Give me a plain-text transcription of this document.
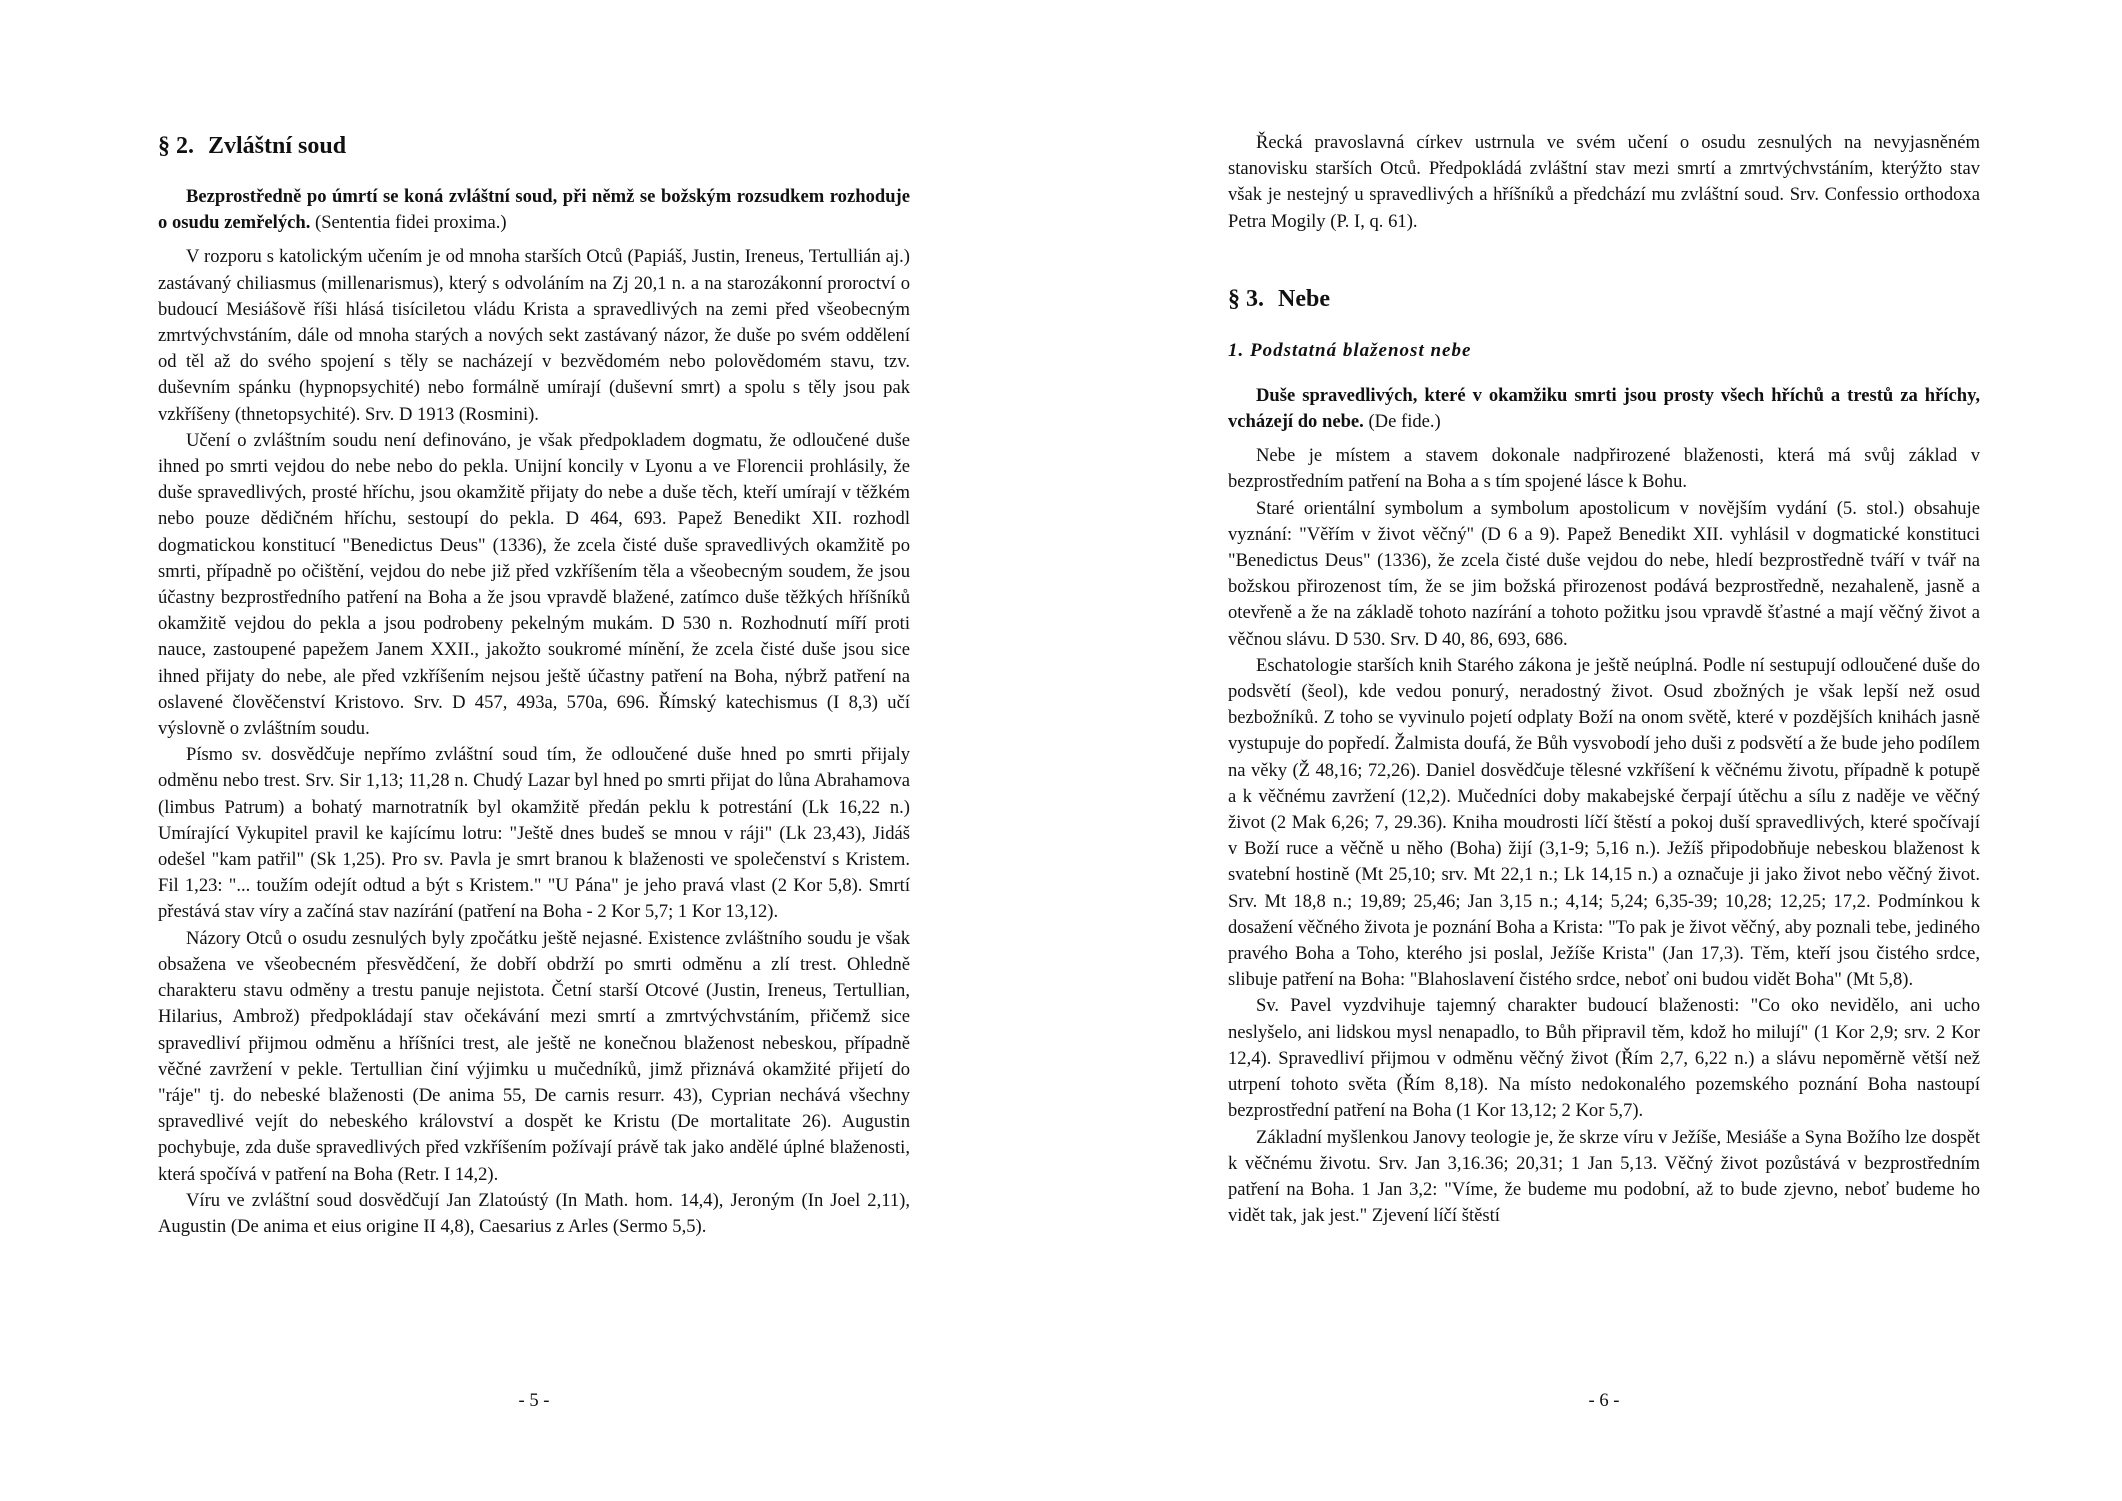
§ 2. Zvláštní soud

Bezprostředně po úmrtí se koná zvláštní soud, při němž se božským rozsudkem rozhoduje o osudu zemřelých. (Sententia fidei proxima.)

V rozporu s katolickým učením je od mnoha starších Otců (Papiáš, Justin, Ireneus, Tertullián aj.) zastávaný chiliasmus (millenarismus), který s odvoláním na Zj 20,1 n. a na starozákonní proroctví o budoucí Mesiášově říši hlásá tisíciletou vládu Krista a spravedlivých na zemi před všeobecným zmrtvýchvstáním, dále od mnoha starých a nových sekt zastávaný názor, že duše po svém oddělení od těl až do svého spojení s těly se nacházejí v bezvědomém nebo polovědomém stavu, tzv. duševním spánku (hypnopsychité) nebo formálně umírají (duševní smrt) a spolu s těly jsou pak vzkříšeny (thnetopsychité). Srv. D 1913 (Rosmini).

Učení o zvláštním soudu není definováno, je však předpokladem dogmatu, že odloučené duše ihned po smrti vejdou do nebe nebo do pekla. Unijní koncily v Lyonu a ve Florencii prohlásily, že duše spravedlivých, prosté hříchu, jsou okamžitě přijaty do nebe a duše těch, kteří umírají v těžkém nebo pouze dědičném hříchu, sestoupí do pekla. D 464, 693. Papež Benedikt XII. rozhodl dogmatickou konstitucí "Benedictus Deus" (1336), že zcela čisté duše spravedlivých okamžitě po smrti, případně po očištění, vejdou do nebe již před vzkříšením těla a všeobecným soudem, že jsou účastny bezprostředního patření na Boha a že jsou vpravdě blažené, zatímco duše těžkých hříšníků okamžitě vejdou do pekla a jsou podrobeny pekelným mukám. D 530 n. Rozhodnutí míří proti nauce, zastoupené papežem Janem XXII., jakožto soukromé mínění, že zcela čisté duše jsou sice ihned přijaty do nebe, ale před vzkříšením nejsou ještě účastny patření na Boha, nýbrž patření na oslavené člověčenství Kristovo. Srv. D 457, 493a, 570a, 696. Římský katechismus (I 8,3) učí výslovně o zvláštním soudu.

Písmo sv. dosvědčuje nepřímo zvláštní soud tím, že odloučené duše hned po smrti přijaly odměnu nebo trest. Srv. Sir 1,13; 11,28 n. Chudý Lazar byl hned po smrti přijat do lůna Abrahamova (limbus Patrum) a bohatý marnotratník byl okamžitě předán peklu k potrestání (Lk 16,22 n.) Umírající Vykupitel pravil ke kajícímu lotru: "Ještě dnes budeš se mnou v ráji" (Lk 23,43), Jidáš odešel "kam patřil" (Sk 1,25). Pro sv. Pavla je smrt branou k blaženosti ve společenství s Kristem. Fil 1,23: "... toužím odejít odtud a být s Kristem." "U Pána" je jeho pravá vlast (2 Kor 5,8). Smrtí přestává stav víry a začíná stav nazírání (patření na Boha - 2 Kor 5,7; 1 Kor 13,12).

Názory Otců o osudu zesnulých byly zpočátku ještě nejasné. Existence zvláštního soudu je však obsažena ve všeobecném přesvědčení, že dobří obdrží po smrti odměnu a zlí trest. Ohledně charakteru stavu odměny a trestu panuje nejistota. Četní starší Otcové (Justin, Ireneus, Tertullian, Hilarius, Ambrož) předpokládají stav očekávání mezi smrtí a zmrtvýchvstáním, přičemž sice spravedliví přijmou odměnu a hříšníci trest, ale ještě ne konečnou blaženost nebeskou, případně věčné zavržení v pekle. Tertullian činí výjimku u mučedníků, jimž přiznává okamžité přijetí do "ráje" tj. do nebeské blaženosti (De anima 55, De carnis resurr. 43), Cyprian nechává všechny spravedlivé vejít do nebeského království a dospět ke Kristu (De mortalitate 26). Augustin pochybuje, zda duše spravedlivých před vzkříšením požívají právě tak jako andělé úplné blaženosti, která spočívá v patření na Boha (Retr. I 14,2).

Víru ve zvláštní soud dosvědčují Jan Zlatoústý (In Math. hom. 14,4), Jeroným (In Joel 2,11), Augustin (De anima et eius origine II 4,8), Caesarius z Arles (Sermo 5,5).

- 5 -

Řecká pravoslavná církev ustrnula ve svém učení o osudu zesnulých na nevyjasněném stanovisku starších Otců. Předpokládá zvláštní stav mezi smrtí a zmrtvýchvstáním, kterýžto stav však je nestejný u spravedlivých a hříšníků a předchází mu zvláštní soud. Srv. Confessio orthodoxa Petra Mogily (P. I, q. 61).

§ 3. Nebe
1. Podstatná blaženost nebe

Duše spravedlivých, které v okamžiku smrti jsou prosty všech hříchů a trestů za hříchy, vcházejí do nebe. (De fide.)

Nebe je místem a stavem dokonale nadpřirozené blaženosti, která má svůj základ v bezprostředním patření na Boha a s tím spojené lásce k Bohu.

Staré orientální symbolum a symbolum apostolicum v novějším vydání (5. stol.) obsahuje vyznání: "Věřím v život věčný" (D 6 a 9). Papež Benedikt XII. vyhlásil v dogmatické konstituci "Benedictus Deus" (1336), že zcela čisté duše vejdou do nebe, hledí bezprostředně tváří v tvář na božskou přirozenost tím, že se jim božská přirozenost podává bezprostředně, nezahaleně, jasně a otevřeně a že na základě tohoto nazírání a tohoto požitku jsou vpravdě šťastné a mají věčný život a věčnou slávu. D 530. Srv. D 40, 86, 693, 686.

Eschatologie starších knih Starého zákona je ještě neúplná. Podle ní sestupují odloučené duše do podsvětí (šeol), kde vedou ponurý, neradostný život. Osud zbožných je však lepší než osud bezbožníků. Z toho se vyvinulo pojetí odplaty Boží na onom světě, které v pozdějších knihách jasně vystupuje do popředí. Žalmista doufá, že Bůh vysvobodí jeho duši z podsvětí a že bude jeho podílem na věky (Ž 48,16; 72,26). Daniel dosvědčuje tělesné vzkříšení k věčnému životu, případně k potupě a k věčnému zavržení (12,2). Mučedníci doby makabejské čerpají útěchu a sílu z naděje ve věčný život (2 Mak 6,26; 7, 29.36). Kniha moudrosti líčí štěstí a pokoj duší spravedlivých, které spočívají v Boží ruce a věčně u něho (Boha) žijí (3,1-9; 5,16 n.). Ježíš připodobňuje nebeskou blaženost k svatební hostině (Mt 25,10; srv. Mt 22,1 n.; Lk 14,15 n.) a označuje ji jako život nebo věčný život. Srv. Mt 18,8 n.; 19,89; 25,46; Jan 3,15 n.; 4,14; 5,24; 6,35-39; 10,28; 12,25; 17,2. Podmínkou k dosažení věčného života je poznání Boha a Krista: "To pak je život věčný, aby poznali tebe, jediného pravého Boha a Toho, kterého jsi poslal, Ježíše Krista" (Jan 17,3). Těm, kteří jsou čistého srdce, slibuje patření na Boha: "Blahoslavení čistého srdce, neboť oni budou vidět Boha" (Mt 5,8).

Sv. Pavel vyzdvihuje tajemný charakter budoucí blaženosti: "Co oko nevidělo, ani ucho neslyšelo, ani lidskou mysl nenapadlo, to Bůh připravil těm, kdož ho milují" (1 Kor 2,9; srv. 2 Kor 12,4). Spravedliví přijmou v odměnu věčný život (Řím 2,7, 6,22 n.) a slávu nepoměrně větší než utrpení tohoto světa (Řím 8,18). Na místo nedokonalého pozemského poznání Boha nastoupí bezprostřední patření na Boha (1 Kor 13,12; 2 Kor 5,7).

Základní myšlenkou Janovy teologie je, že skrze víru v Ježíše, Mesiáše a Syna Božího lze dospět k věčnému životu. Srv. Jan 3,16.36; 20,31; 1 Jan 5,13. Věčný život pozůstává v bezprostředním patření na Boha. 1 Jan 3,2: "Víme, že budeme mu podobní, až to bude zjevno, neboť budeme ho vidět tak, jak jest." Zjevení líčí štěstí

- 6 -
